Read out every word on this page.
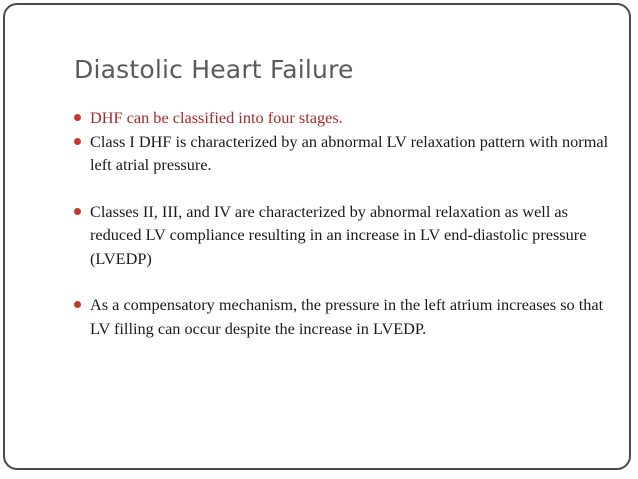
Diastolic Heart Failure
DHF can be classified into four stages.
Class I DHF is characterized by an abnormal LV relaxation pattern with normal left atrial pressure.
Classes II, III, and IV are characterized by abnormal relaxation as well as reduced LV compliance resulting in an increase in LV end-diastolic pressure (LVEDP)
As a compensatory mechanism, the pressure in the left atrium increases so that LV filling can occur despite the increase in LVEDP.
